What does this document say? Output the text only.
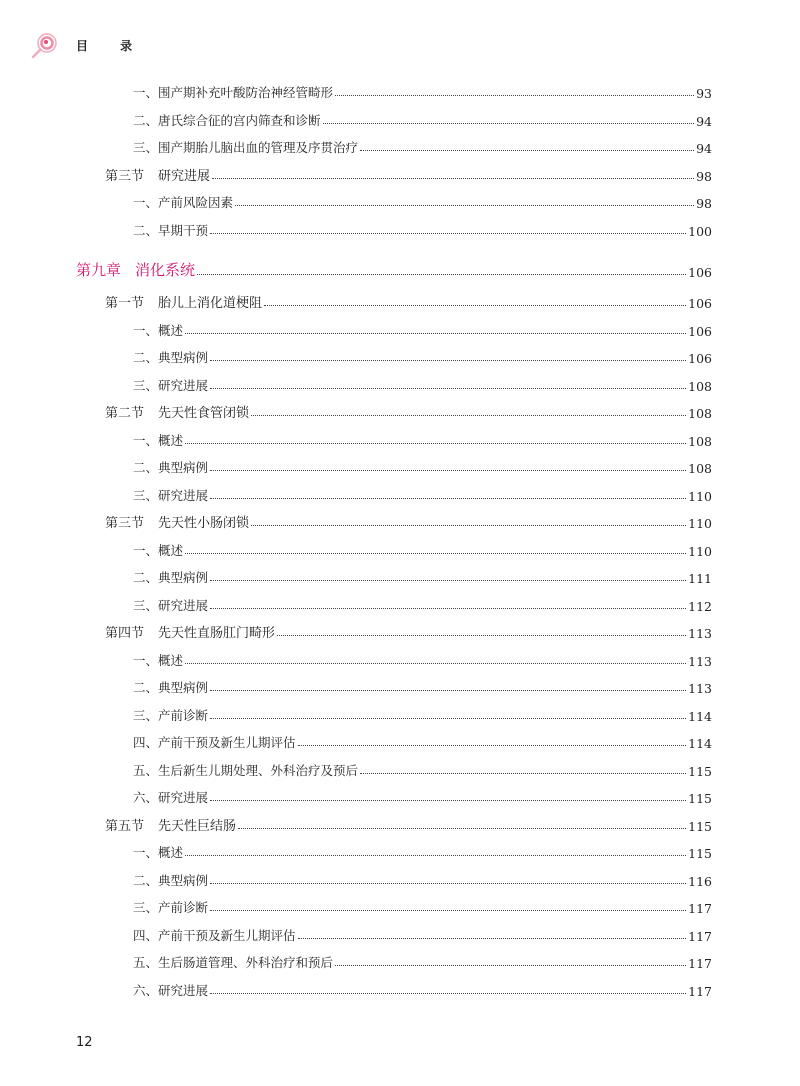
目 录
一、围产期补充叶酸防治神经管畸形	93
二、唐氏综合征的宫内筛查和诊断	94
三、围产期胎儿脑出血的管理及序贯治疗	94
第三节 研究进展	98
一、产前风险因素	98
二、早期干预	100
第九章 消化系统	106
第一节 胎儿上消化道梗阻	106
一、概述	106
二、典型病例	106
三、研究进展	108
第二节 先天性食管闭锁	108
一、概述	108
二、典型病例	108
三、研究进展	110
第三节 先天性小肠闭锁	110
一、概述	110
二、典型病例	111
三、研究进展	112
第四节 先天性直肠肛门畸形	113
一、概述	113
二、典型病例	113
三、产前诊断	114
四、产前干预及新生儿期评估	114
五、生后新生儿期处理、外科治疗及预后	115
六、研究进展	115
第五节 先天性巨结肠	115
一、概述	115
二、典型病例	116
三、产前诊断	117
四、产前干预及新生儿期评估	117
五、生后肠道管理、外科治疗和预后	117
六、研究进展	117
12
